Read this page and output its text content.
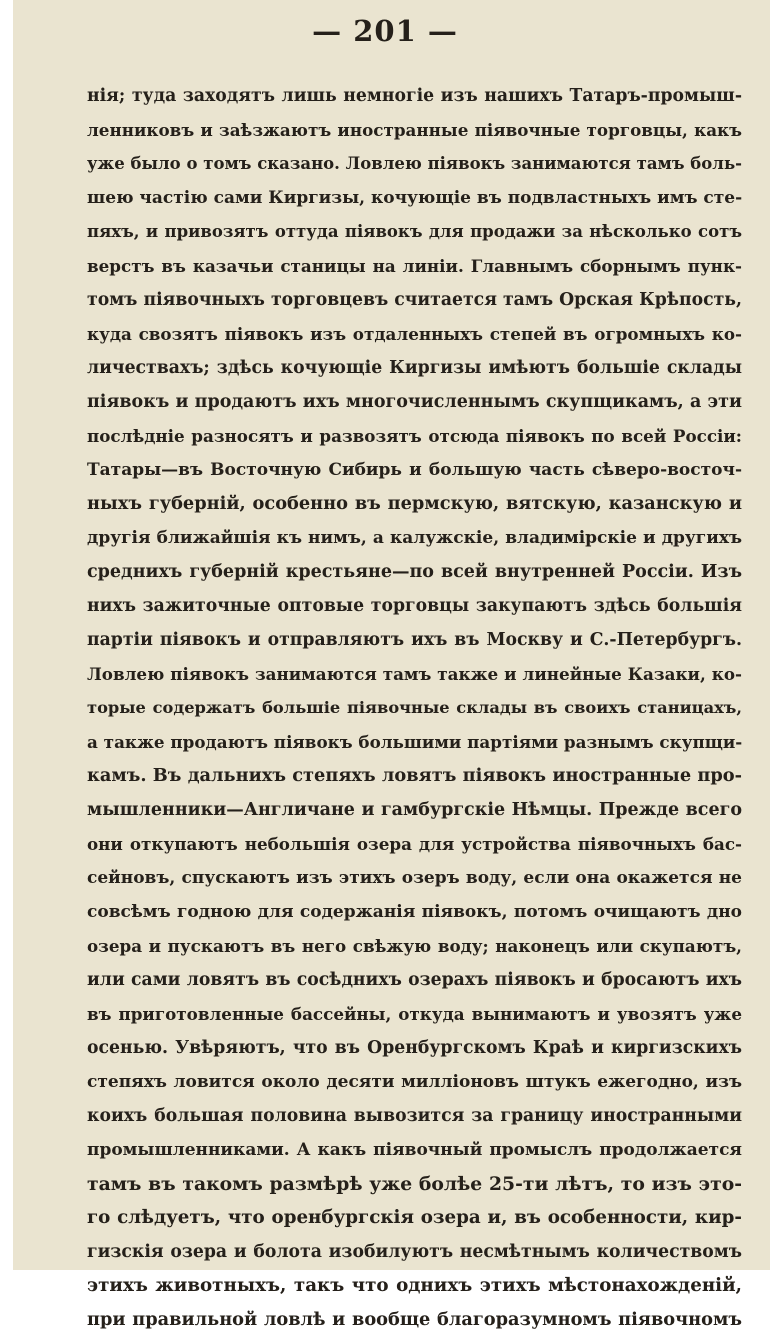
— 201 —
нія; туда заходятъ лишь немногіе изъ нашихъ Татаръ-промыш-
ленниковъ и заѣзжаютъ иностранные піявочные торговцы, какъ
уже было о томъ сказано. Ловлею піявокъ занимаются тамъ боль-
шею частію сами Киргизы, кочующіе въ подвластныхъ имъ сте-
пяхъ, и привозятъ оттуда піявокъ для продажи за нѣсколько сотъ
верстъ въ казачьи станицы на линіи. Главнымъ сборнымъ пунк-
томъ піявочныхъ торговцевъ считается тамъ Орская Крѣпость,
куда свозятъ піявокъ изъ отдаленныхъ степей въ огромныхъ ко-
личествахъ; здѣсь кочующіе Киргизы имѣютъ большіе склады
піявокъ и продаютъ ихъ многочисленнымъ скупщикамъ, а эти
послѣдніе разносятъ и развозятъ отсюда піявокъ по всей Россіи:
Татары—въ Восточную Сибирь и большую часть сѣверо-восточ-
ныхъ губерній, особенно въ пермскую, вятскую, казанскую и
другія ближайшія къ нимъ, а калужскіе, владимірскіе и другихъ
среднихъ губерній крестьяне—по всей внутренней Россіи. Изъ
нихъ зажиточные оптовые торговцы закупаютъ здѣсь большія
партіи піявокъ и отправляютъ ихъ въ Москву и С.-Петербургъ.
Ловлею піявокъ занимаются тамъ также и линейные Казаки, ко-
торые содержатъ большіе піявочные склады въ своихъ станицахъ,
а также продаютъ піявокъ большими партіями разнымъ скупщи-
камъ. Въ дальнихъ степяхъ ловятъ піявокъ иностранные про-
мышленники—Англичане и гамбургскіе Нѣмцы. Прежде всего
они откупаютъ небольшія озера для устройства піявочныхъ бас-
сейновъ, спускаютъ изъ этихъ озеръ воду, если она окажется не
совсѣмъ годною для содержанія піявокъ, потомъ очищаютъ дно
озера и пускаютъ въ него свѣжую воду; наконецъ или скупаютъ,
или сами ловятъ въ сосѣднихъ озерахъ піявокъ и бросаютъ ихъ
въ приготовленные бассейны, откуда вынимаютъ и увозятъ уже
осенью. Увѣряютъ, что въ Оренбургскомъ Краѣ и киргизскихъ
степяхъ ловится около десяти милліоновъ штукъ ежегодно, изъ
коихъ большая половина вывозится за границу иностранными
промышленниками. А какъ піявочный промыслъ продолжается
тамъ въ такомъ размѣрѣ уже болѣе 25-ти лѣтъ, то изъ это-
го слѣдуетъ, что оренбургскія озера и, въ особенности, кир-
гизскія озера и болота изобилуютъ несмѣтнымъ количествомъ
этихъ животныхъ, такъ что однихъ этихъ мѣстонахожденій,
при правильной ловлѣ и вообще благоразумномъ піявочномъ
